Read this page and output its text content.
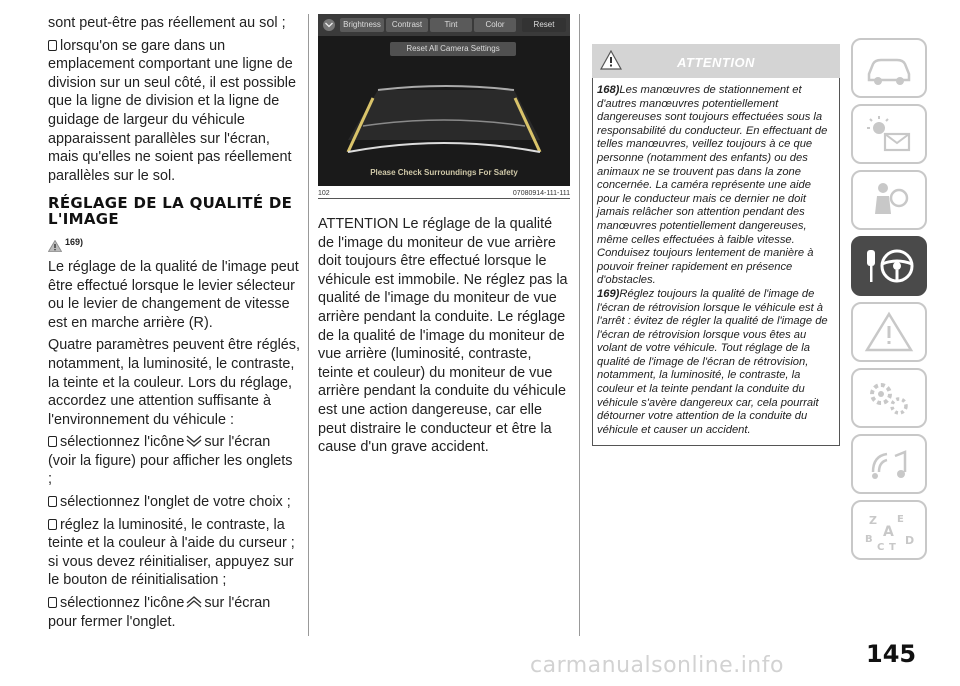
sont peut-être pas réellement au sol ;

lorsqu'on se gare dans un emplacement comportant une ligne de division sur un seul côté, il est possible que la ligne de division et la ligne de guidage de largeur du véhicule apparaissent parallèles sur l'écran, mais qu'elles ne soient pas réellement parallèles sur le sol.

RÉGLAGE DE LA QUALITÉ DE L'IMAGE
169)

Le réglage de la qualité de l'image peut être effectué lorsque le levier sélecteur ou le levier de changement de vitesse est en marche arrière (R).

Quatre paramètres peuvent être réglés, notamment, la luminosité, le contraste, la teinte et la couleur. Lors du réglage, accordez une attention suffisante à l'environnement du véhicule :

sélectionnez l'icône sur l'écran (voir la figure) pour afficher les onglets ;

sélectionnez l'onglet de votre choix ;

réglez la luminosité, le contraste, la teinte et la couleur à l'aide du curseur ; si vous devez réinitialiser, appuyez sur le bouton de réinitialisation ;

sélectionnez l'icône sur l'écran pour fermer l'onglet.

Brightness	Contrast	Tint	Color	Reset
Reset All Camera Settings
Please Check Surroundings For Safety
102	07080914-111-111

ATTENTION Le réglage de la qualité de l'image du moniteur de vue arrière doit toujours être effectué lorsque le véhicule est immobile. Ne réglez pas la qualité de l'image du moniteur de vue arrière pendant la conduite. Le réglage de la qualité de l'image du moniteur de vue arrière (luminosité, contraste, teinte et couleur) du moniteur de vue arrière pendant la conduite du véhicule est une action dangereuse, car elle peut distraire le conducteur et être la cause d'un grave accident.

ATTENTION

168)Les manœuvres de stationnement et d'autres manœuvres potentiellement dangereuses sont toujours effectuées sous la responsabilité du conducteur. En effectuant de telles manœuvres, veillez toujours à ce que personne (notamment des enfants) ou des animaux ne se trouvent pas dans la zone concernée. La caméra représente une aide pour le conducteur mais ce dernier ne doit jamais relâcher son attention pendant des manœuvres potentiellement dangereuses, même celles effectuées à faible vitesse. Conduisez toujours lentement de manière à pouvoir freiner rapidement en présence d'obstacles.

169)Réglez toujours la qualité de l'image de l'écran de rétrovision lorsque le véhicule est à l'arrêt : évitez de régler la qualité de l'image de l'écran de rétrovision lorsque vous êtes au volant de votre véhicule. Tout réglage de la qualité de l'image de l'écran de rétrovision, notamment, la luminosité, le contraste, la couleur et la teinte pendant la conduite du véhicule s'avère dangereux car, cela pourrait détourner votre attention de la conduite du véhicule et causer un accident.

Z E
B A
C T
D
145
carmanualsonline.info
